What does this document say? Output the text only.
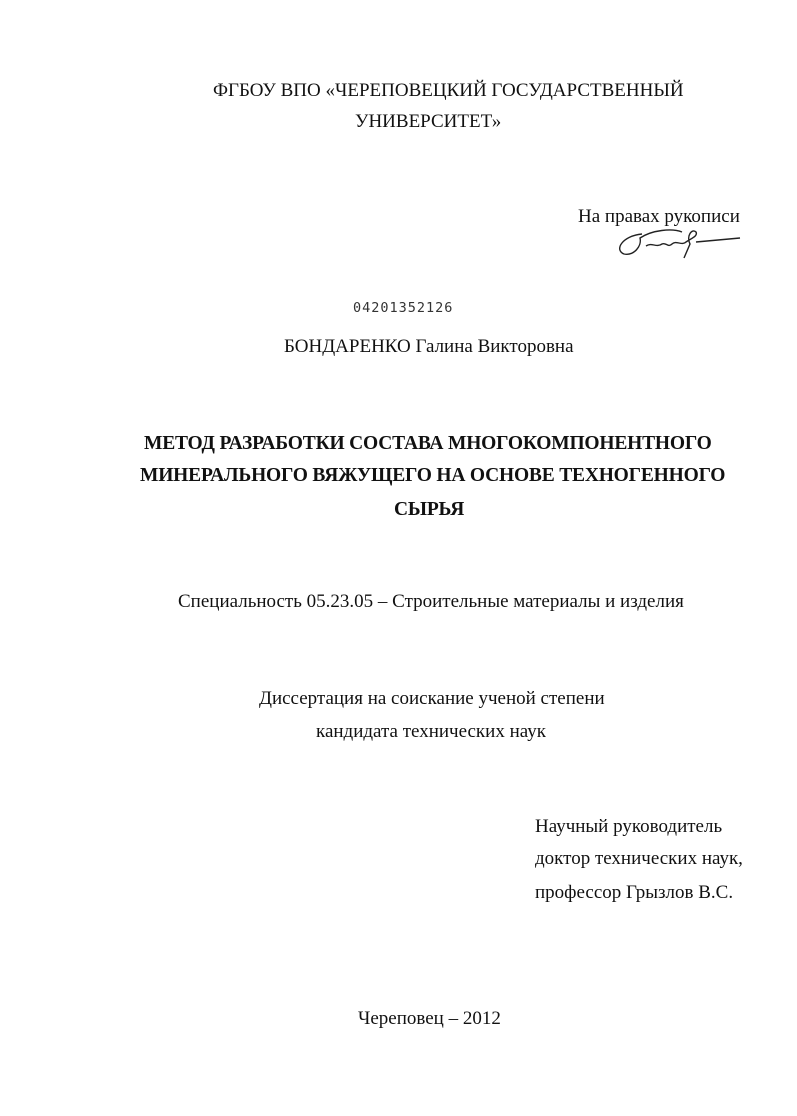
ФГБОУ ВПО «ЧЕРЕПОВЕЦКИЙ ГОСУДАРСТВЕННЫЙ
УНИВЕРСИТЕТ»
На правах рукописи
04201352126
БОНДАРЕНКО Галина Викторовна
МЕТОД РАЗРАБОТКИ СОСТАВА МНОГОКОМПОНЕНТНОГО
МИНЕРАЛЬНОГО ВЯЖУЩЕГО НА ОСНОВЕ ТЕХНОГЕННОГО
СЫРЬЯ
Специальность 05.23.05 – Строительные материалы и изделия
Диссертация на соискание ученой степени
кандидата технических наук
Научный руководитель
доктор технических наук,
профессор Грызлов В.С.
Череповец – 2012
